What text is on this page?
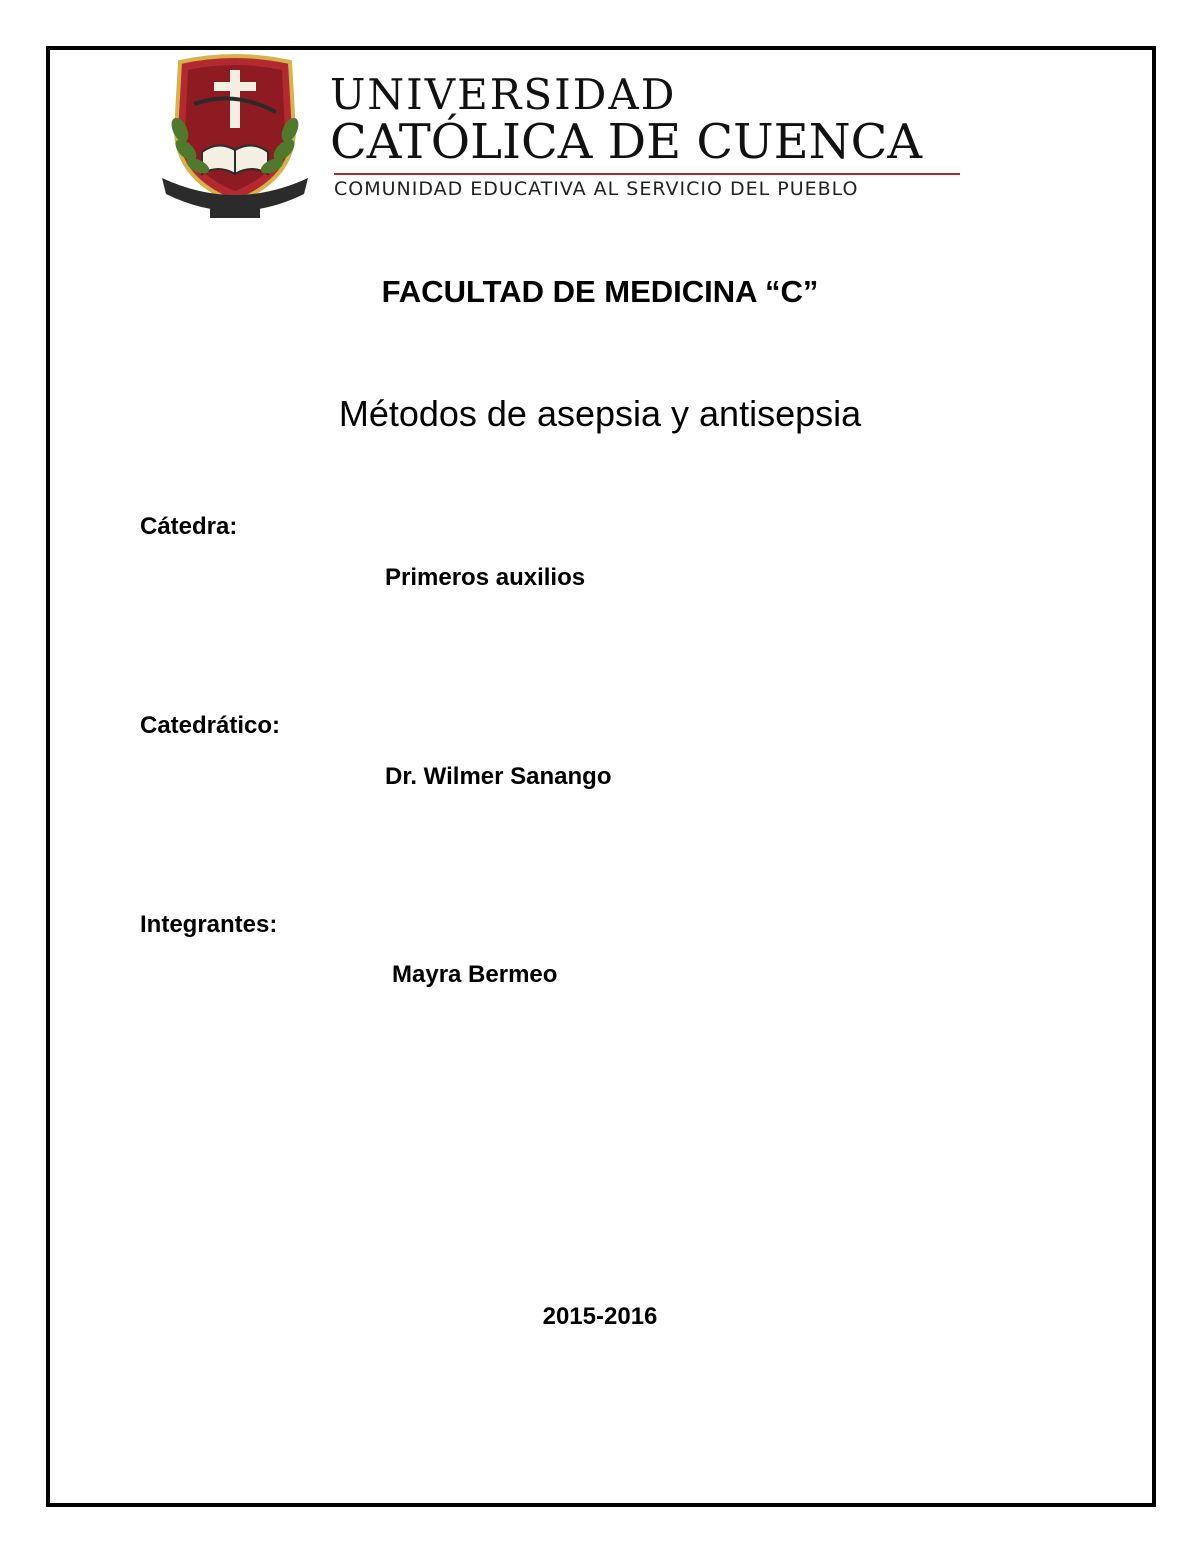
UNIVERSIDAD
CATÓLICA DE CUENCA
COMUNIDAD EDUCATIVA AL SERVICIO DEL PUEBLO
FACULTAD DE MEDICINA “C”
Métodos de asepsia y antisepsia
Cátedra:
Primeros auxilios
Catedrático:
Dr. Wilmer Sanango
Integrantes:
Mayra Bermeo
2015-2016
